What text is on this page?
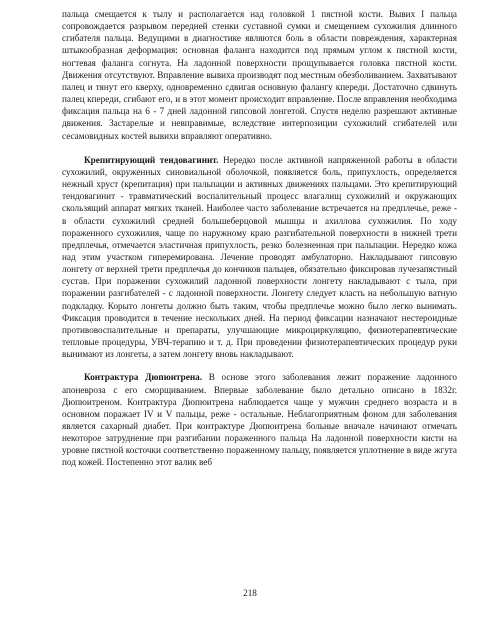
пальца смещается к тылу и располагается над головкой 1 пястной кости. Вывих I пальца сопровождается разрывом передней стенки суставной сумки и смещением сухожилия длинного сгибателя пальца. Ведущими в диагностике являются боль в области повреждения, характерная штыкообразная деформация: основная фаланга находится под прямым углом к пястной кости, ногтевая фаланга согнута. На ладонной поверхности прощупывается головка пястной кости. Движения отсутствуют. Вправление вывиха производят под местным обезболиванием. Захватывают палец и тянут его кверху, одновременно сдвигая основную фалангу кпереди. Достаточно сдвинуть палец кпереди, сгибают его, и в этот момент происходит вправление. После вправления необходима фиксация пальца на 6 - 7 дней ладонной гипсовой лонгетой. Спустя неделю разрешают активные движения. Застарелые и невправимые, вследствие интерпозиции сухожилий сгибателей или сесамовидных костей вывихи вправляют оперативно.

Крепитирующий тендовагинит. Нередко после активной напряженной работы в области сухожилий, окруженных синовиальной оболочкой, появляется боль, припухлость, определяется нежный хруст (крепитация) при пальпации и активных движениях пальцами. Это крепитирующий тендовагинит - травматический воспалительный процесс влагалищ сухожилий и окружающих скользящий аппарат мягких тканей. Наиболее часто заболевание встречается на предплечье, реже - в области сухожилий средней большеберцовой мышцы и ахиллова сухожилия. По ходу пораженного сухожилия, чаще по наружному краю разгибательной поверхности в нижней трети предплечья, отмечается эластичная припухлость, резко болезненная при пальпации. Нередко кожа над этим участком гиперемирована. Лечение проводят амбулаторно. Накладывают гипсовую лонгету от верхней трети предплечья до кончиков пальцев, обязательно фиксировав лучезапястный сустав. При поражении сухожилий ладонной поверхности лонгету накладывают с тыла, при поражении разгибателей - с ладонной поверхности. Лонгету следует класть на небольшую ватную подкладку. Корыто лонгеты должно быть таким, чтобы предплечье можно было легко вынимать. Фиксация проводится в течение нескольких дней. На период фиксации назначают нестероидные противовоспалительные и препараты, улучшающие микроциркуляцию, физиотерапевтические тепловые процедуры, УВЧ-терапию и т. д. При проведении физиотерапевтических процедур руки вынимают из лонгеты, а затем лонгету вновь накладывают.

Контрактура Дюпюитрена. В основе этого заболевания лежит поражение ладонного апоневроза с его сморщиванием. Впервые заболевание было детально описано в 1832г. Дюпюитреном. Контрактура Дюпюитрена наблюдается чаще у мужчин среднего возраста и в основном поражает IV и V пальцы, реже - остальные. Неблагоприятным фоном для заболевания является сахарный диабет. При контрактуре Дюпюитрена больные вначале начинают отмечать некоторое затруднение при разгибании пораженного пальца На ладонной поверхности кисти на уровне пястной косточки соответственно пораженному пальцу, появляется уплотнение в виде жгута под кожей. Постепенно этот валик веб

218
